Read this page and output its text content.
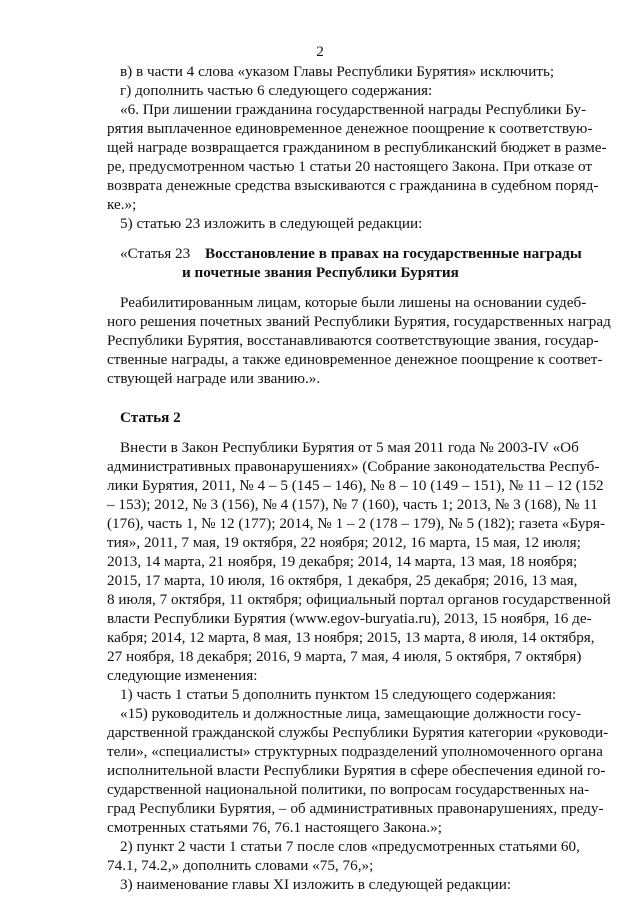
2
в) в части 4 слова «указом Главы Республики Бурятия» исключить;
г) дополнить частью 6 следующего содержания:
«6. При лишении гражданина государственной награды Республики Бу-
рятия выплаченное единовременное денежное поощрение к соответствую-
щей награде возвращается гражданином в республиканский бюджет в разме-
ре, предусмотренном частью 1 статьи 20 настоящего Закона. При отказе от
возврата денежные средства взыскиваются с гражданина в судебном поряд-
ке.»;
5) статью 23 изложить в следующей редакции:
«Статья 23 Восстановление в правах на государственные награды
и почетные звания Республики Бурятия
Реабилитированным лицам, которые были лишены на основании судеб-
ного решения почетных званий Республики Бурятия, государственных наград
Республики Бурятия, восстанавливаются соответствующие звания, государ-
ственные награды, а также единовременное денежное поощрение к соответ-
ствующей награде или званию.».
Статья 2
Внести в Закон Республики Бурятия от 5 мая 2011 года № 2003-IV «Об
административных правонарушениях» (Собрание законодательства Респуб-
лики Бурятия, 2011, № 4 – 5 (145 – 146), № 8 – 10 (149 – 151), № 11 – 12 (152
– 153); 2012, № 3 (156), № 4 (157), № 7 (160), часть 1; 2013, № 3 (168), № 11
(176), часть 1, № 12 (177); 2014, № 1 – 2 (178 – 179), № 5 (182); газета «Буря-
тия», 2011, 7 мая, 19 октября, 22 ноября; 2012, 16 марта, 15 мая, 12 июля;
2013, 14 марта, 21 ноября, 19 декабря; 2014, 14 марта, 13 мая, 18 ноября;
2015, 17 марта, 10 июля, 16 октября, 1 декабря, 25 декабря; 2016, 13 мая,
8 июля, 7 октября, 11 октября; официальный портал органов государственной
власти Республики Бурятия (www.egov-buryatia.ru), 2013, 15 ноября, 16 де-
кабря; 2014, 12 марта, 8 мая, 13 ноября; 2015, 13 марта, 8 июля, 14 октября,
27 ноября, 18 декабря; 2016, 9 марта, 7 мая, 4 июля, 5 октября, 7 октября)
следующие изменения:
1) часть 1 статьи 5 дополнить пунктом 15 следующего содержания:
«15) руководитель и должностные лица, замещающие должности госу-
дарственной гражданской службы Республики Бурятия категории «руководи-
тели», «специалисты» структурных подразделений уполномоченного органа
исполнительной власти Республики Бурятия в сфере обеспечения единой го-
сударственной национальной политики, по вопросам государственных на-
град Республики Бурятия, – об административных правонарушениях, преду-
смотренных статьями 76, 76.1 настоящего Закона.»;
2) пункт 2 части 1 статьи 7 после слов «предусмотренных статьями 60,
74.1, 74.2,» дополнить словами «75, 76,»;
3) наименование главы XI изложить в следующей редакции:
